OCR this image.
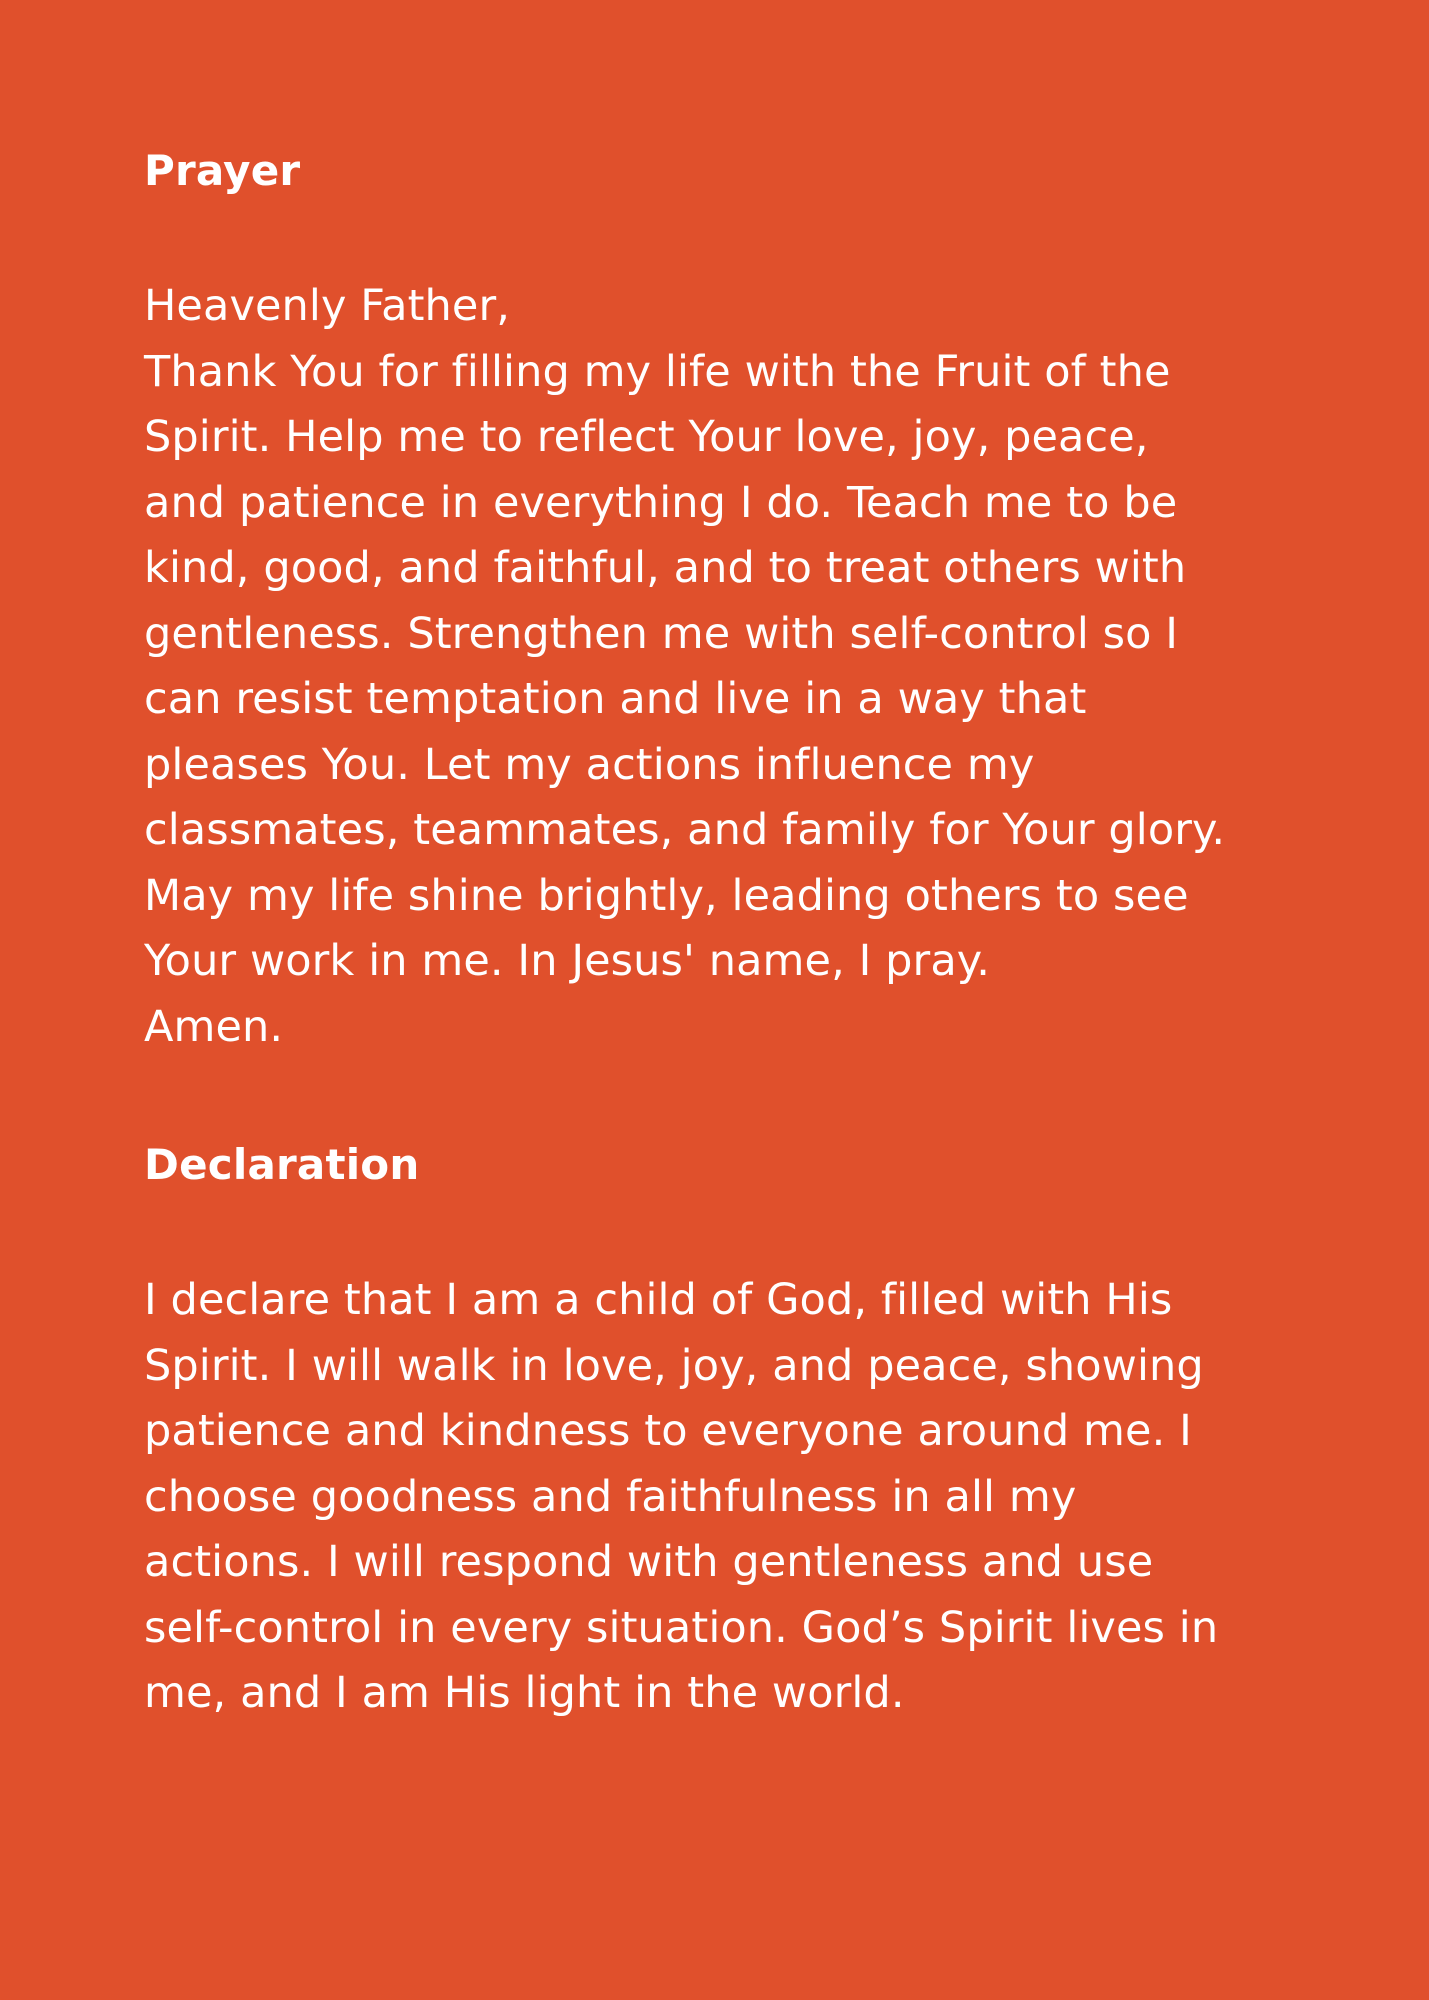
Prayer

Heavenly Father,
Thank You for filling my life with the Fruit of the
Spirit. Help me to reflect Your love, joy, peace,
and patience in everything I do. Teach me to be
kind, good, and faithful, and to treat others with
gentleness. Strengthen me with self-control so I
can resist temptation and live in a way that
pleases You. Let my actions influence my
classmates, teammates, and family for Your glory.
May my life shine brightly, leading others to see
Your work in me. In Jesus' name, I pray.
Amen.

Declaration

I declare that I am a child of God, filled with His
Spirit. I will walk in love, joy, and peace, showing
patience and kindness to everyone around me. I
choose goodness and faithfulness in all my
actions. I will respond with gentleness and use
self-control in every situation. God’s Spirit lives in
me, and I am His light in the world.
